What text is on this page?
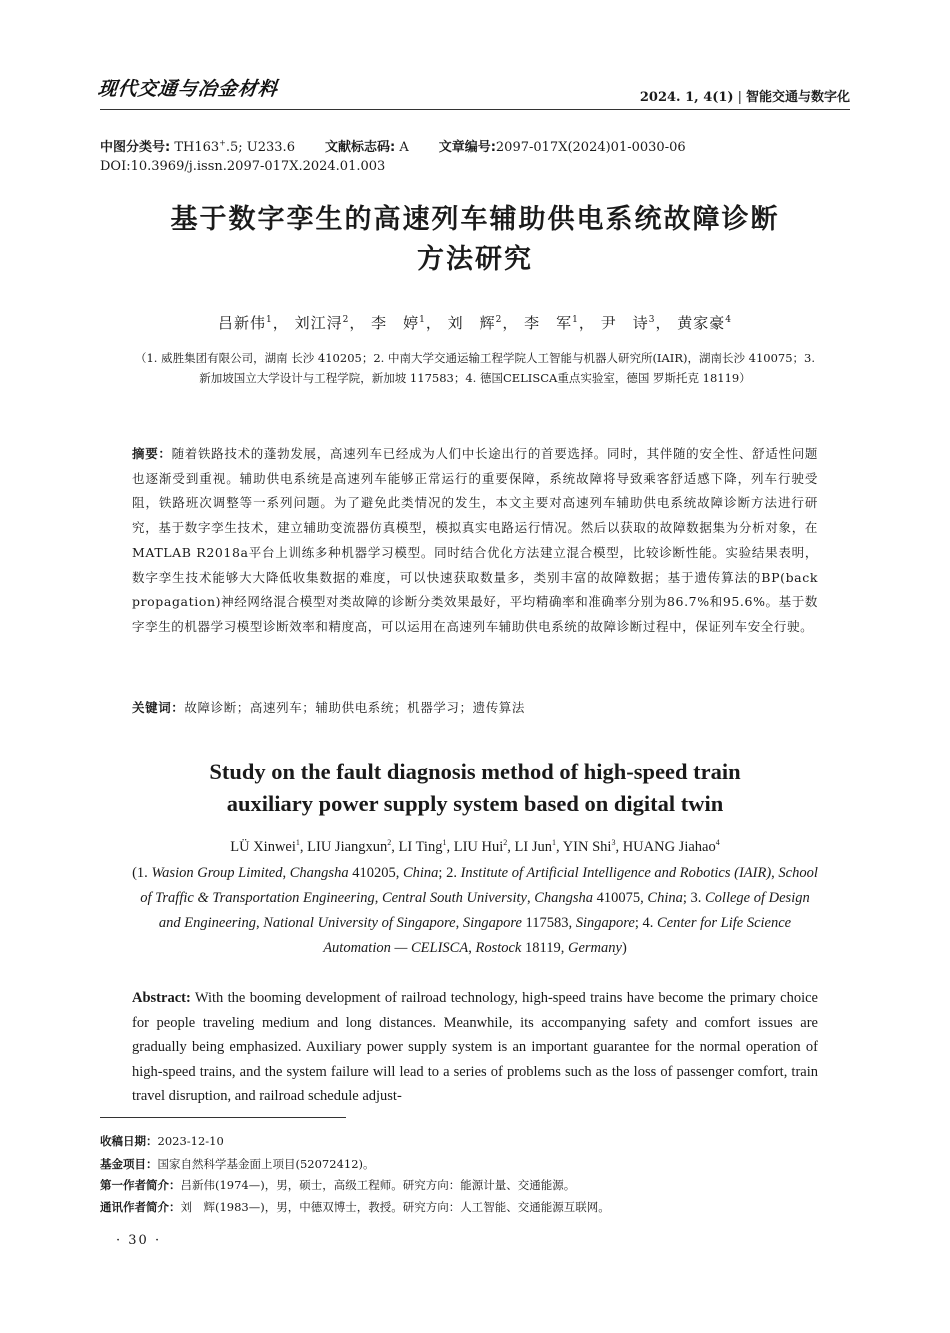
现代交通与冶金材料	2024. 1, 4(1) | 智能交通与数字化
中图分类号: TH163+.5; U233.6 文献标志码: A 文章编号:2097-017X(2024)01-0030-06
DOI:10.3969/j.issn.2097-017X.2024.01.003
基于数字孪生的高速列车辅助供电系统故障诊断
方法研究
吕新伟$^1$， 刘江浔$^2$， 李　婷$^1$， 刘　辉$^2$， 李　军$^1$， 尹　诗$^3$， 黄家豪$^4$
（1. 威胜集团有限公司，湖南 长沙 410205；2. 中南大学交通运输工程学院人工智能与机器人研究所(IAIR)，湖南长沙 410075；3. 新加坡国立大学设计与工程学院，新加坡 117583；4. 德国CELISCA重点实验室，德国 罗斯托克 18119）
摘要：随着铁路技术的蓬勃发展，高速列车已经成为人们中长途出行的首要选择。同时，其伴随的安全性、舒适性问题也逐渐受到重视。辅助供电系统是高速列车能够正常运行的重要保障，系统故障将导致乘客舒适感下降，列车行驶受阻，铁路班次调整等一系列问题。为了避免此类情况的发生，本文主要对高速列车辅助供电系统故障诊断方法进行研究，基于数字孪生技术，建立辅助变流器仿真模型，模拟真实电路运行情况。然后以获取的故障数据集为分析对象，在MATLAB R2018a平台上训练多种机器学习模型。同时结合优化方法建立混合模型，比较诊断性能。实验结果表明，数字孪生技术能够大大降低收集数据的难度，可以快速获取数量多，类别丰富的故障数据；基于遗传算法的BP(back propagation)神经网络混合模型对类故障的诊断分类效果最好，平均精确率和准确率分别为86.7%和95.6%。基于数字孪生的机器学习模型诊断效率和精度高，可以运用在高速列车辅助供电系统的故障诊断过程中，保证列车安全行驶。
关键词：故障诊断；高速列车；辅助供电系统；机器学习；遗传算法
Study on the fault diagnosis method of high-speed train
auxiliary power supply system based on digital twin
LÜ Xinwei$^1$, LIU Jiangxun$^2$, LI Ting$^1$, LIU Hui$^2$, LI Jun$^1$, YIN Shi$^3$, HUANG Jiahao$^4$
(1. Wasion Group Limited, Changsha 410205, China; 2. Institute of Artificial Intelligence and Robotics (IAIR), School of Traffic & Transportation Engineering, Central South University, Changsha 410075, China; 3. College of Design and Engineering, National University of Singapore, Singapore 117583, Singapore; 4. Center for Life Science Automation — CELISCA, Rostock 18119, Germany)
Abstract: With the booming development of railroad technology, high-speed trains have become the primary choice for people traveling medium and long distances. Meanwhile, its accompanying safety and comfort issues are gradually being emphasized. Auxiliary power supply system is an important guarantee for the normal operation of high-speed trains, and the system failure will lead to a series of problems such as the loss of passenger comfort, train travel disruption, and railroad schedule adjust-
收稿日期：2023-12-10
基金项目：国家自然科学基金面上项目(52072412)。
第一作者简介：吕新伟(1974—)，男，硕士，高级工程师。研究方向：能源计量、交通能源。
通讯作者简介：刘　辉(1983—)，男，中德双博士，教授。研究方向：人工智能、交通能源互联网。
· 30 ·
